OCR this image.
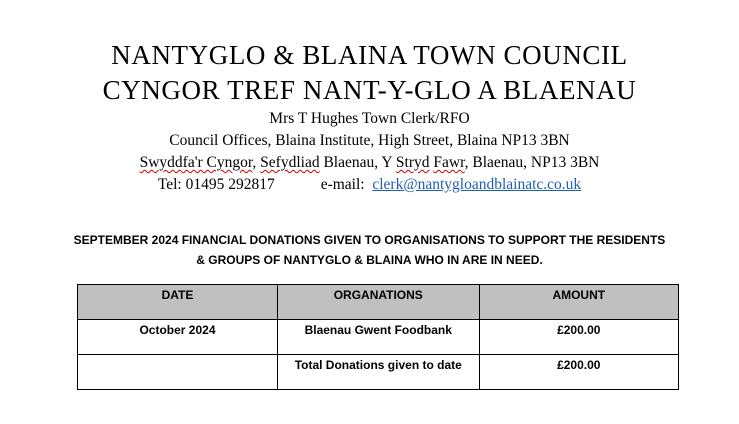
NANTYGLO & BLAINA TOWN COUNCIL
CYNGOR TREF NANT-Y-GLO A BLAENAU
Mrs T Hughes Town Clerk/RFO
Council Offices, Blaina Institute, High Street, Blaina NP13 3BN
Swyddfa'r Cyngor, Sefydliad Blaenau, Y Stryd Fawr, Blaenau, NP13 3BN
Tel: 01495 292817	e-mail: clerk@nantygloandblainatc.co.uk
SEPTEMBER 2024 FINANCIAL DONATIONS GIVEN TO ORGANISATIONS TO SUPPORT THE RESIDENTS
& GROUPS OF NANTYGLO & BLAINA WHO IN ARE IN NEED.
DATE	ORGANATIONS	AMOUNT
October 2024	Blaenau Gwent Foodbank	£200.00
	Total Donations given to date	£200.00
